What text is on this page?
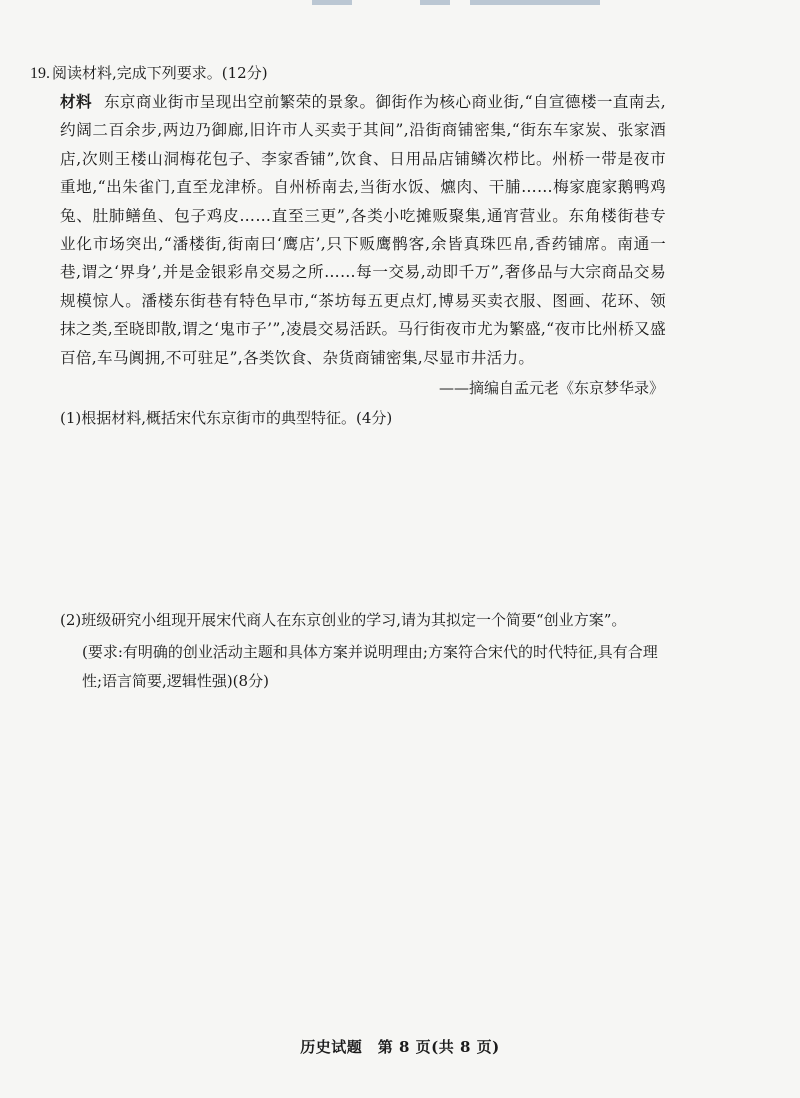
19. 阅读材料,完成下列要求。(12分)
材料 东京商业街市呈现出空前繁荣的景象。御街作为核心商业街,“自宣德楼一直南去,约阔二百余步,两边乃御廊,旧许市人买卖于其间”,沿街商铺密集,“街东车家炭、张家酒店,次则王楼山洞梅花包子、李家香铺”,饮食、日用品店铺鳞次栉比。州桥一带是夜市重地,“出朱雀门,直至龙津桥。自州桥南去,当街水饭、爊肉、干脯……梅家鹿家鹅鸭鸡兔、肚肺鳝鱼、包子鸡皮……直至三更”,各类小吃摊贩聚集,通宵营业。东角楼街巷专业化市场突出,“潘楼街,街南曰‘鹰店’,只下贩鹰鹘客,余皆真珠匹帛,香药铺席。南通一巷,谓之‘界身’,并是金银彩帛交易之所……每一交易,动即千万”,奢侈品与大宗商品交易规模惊人。潘楼东街巷有特色早市,“茶坊每五更点灯,博易买卖衣服、图画、花环、领抹之类,至晓即散,谓之‘鬼市子’”,凌晨交易活跃。马行街夜市尤为繁盛,“夜市比州桥又盛百倍,车马阗拥,不可驻足”,各类饮食、杂货商铺密集,尽显市井活力。
——摘编自孟元老《东京梦华录》
(1)根据材料,概括宋代东京街市的典型特征。(4分)
(2)班级研究小组现开展宋代商人在东京创业的学习,请为其拟定一个简要“创业方案”。
(要求:有明确的创业活动主题和具体方案并说明理由;方案符合宋代的时代特征,具有合理性;语言简要,逻辑性强)(8分)
历史试题　第 8 页(共 8 页)
